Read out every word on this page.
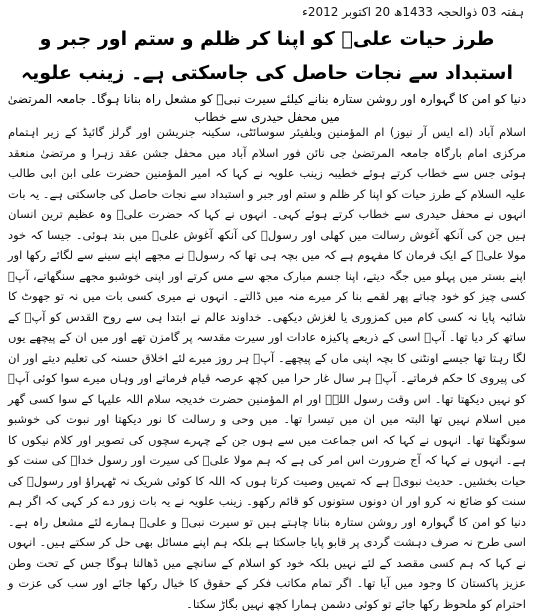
ہفتہ 03 ذوالحجہ 1433ھ 20 اکتوبر 2012ء
طرز حیات علیؑ کو اپنا کر ظلم و ستم اور جبر و استبداد سے نجات حاصل کی جاسکتی ہے۔ زینب علویہ
دنیا کو امن کا گہوارہ اور روشن ستارہ بنانے کیلئے سیرت نبیؐ کو مشعل راہ بنانا ہوگا۔ جامعہ المرتضیٰ میں محفل حیدری سے خطاب

اسلام آباد (اے ایس آر نیوز) ام المؤمنین ویلفیئر سوسائٹی، سکینہ جنریشن اور گرلز گائیڈ کے زیر اہتمام مرکزی امام بارگاہ جامعہ المرتضیٰ جی نائن فور اسلام آباد میں محفل جشن عقد زہرا و مرتضیٰ منعقد ہوئی جس سے خطاب کرتے ہوئے خطیبہ زینب علویہ نے کہا کہ امیر المؤمنین حضرت علی ابن ابی طالب علیہ السلام کے طرز حیات کو اپنا کر ظلم و ستم اور جبر و استبداد سے نجات حاصل کی جاسکتی ہے۔ یہ بات انہوں نے محفل حیدری سے خطاب کرتے ہوئے کہی۔ انہوں نے کہا کہ حضرت علیؑ وہ عظیم ترین انسان ہیں جن کی آنکھ آغوش رسالت میں کھلی اور رسولؐ کی آنکھ آغوش علیؑ میں بند ہوئی۔ جیسا کہ خود مولا علیؑ کے ایک فرمان کا مفہوم ہے کہ میں بچہ ہی تھا کہ رسولؐ نے مجھے اپنے سینے سے لگائے رکھا اور اپنے بستر میں پہلو میں جگہ دیتے، اپنا جسم مبارک مجھ سے مس کرتے اور اپنی خوشبو مجھے سنگھاتے، آپؐ کسی چیز کو خود چباتے پھر لقمے بنا کر میرے منہ میں ڈالتے۔ انہوں نے میری کسی بات میں نہ تو جھوٹ کا شائبہ پایا نہ کسی کام میں کمزوری یا لغزش دیکھی۔ خداوند عالم نے ابتدا ہی سے روح القدس کو آپؐ کے ساتھ کر دیا تھا۔ آپؐ اسی کے ذریعے پاکیزہ عادات اور سیرت مقدسہ پر گامزن تھے اور میں ان کے پیچھے یوں لگا رہتا تھا جیسے اونٹنی کا بچہ اپنی ماں کے پیچھے۔ آپؐ ہر روز میرے لئے اخلاق حسنہ کی تعلیم دیتے اور ان کی پیروی کا حکم فرماتے۔ آپؐ ہر سال غار حرا میں کچھ عرصہ قیام فرماتے اور وہاں میرے سوا کوئی آپؐ کو نہیں دیکھتا تھا۔ اس وقت رسول اللہؐ اور ام المؤمنین حضرت خدیجہ سلام اللہ علیہا کے سوا کسی گھر میں اسلام نہیں تھا البتہ میں ان میں تیسرا تھا۔ میں وحی و رسالت کا نور دیکھتا اور نبوت کی خوشبو سونگھتا تھا۔ انہوں نے کہا کہ اس جماعت میں سے ہوں جن کے چہرے سچوں کی تصویر اور کلام نیکوں کا ہے۔ انہوں نے کہا کہ آج ضرورت اس امر کی ہے کہ ہم مولا علیؑ کی سیرت اور رسول خداؐ کی سنت کو حیات بخشیں۔ حدیث نبویؐ ہے کہ تمہیں وصیت کرتا ہوں کہ اللہ کا کوئی شریک نہ ٹھہراؤ اور رسولؐ کی سنت کو ضائع نہ کرو اور ان دونوں ستونوں کو قائم رکھو۔ زینب علویہ نے یہ بات زور دے کر کہی کہ اگر ہم دنیا کو امن کا گہوارہ اور روشن ستارہ بنانا چاہتے ہیں تو سیرت نبیؐ و علیؑ ہمارے لئے مشعل راہ ہے۔ اسی طرح نہ صرف دہشت گردی پر قابو پایا جاسکتا ہے بلکہ ہم اپنے مسائل بھی حل کر سکتے ہیں۔ انہوں نے کہا کہ ہم کسی مقصد کے لئے نہیں بلکہ خود کو اسلام کے سانچے میں ڈھالنا ہوگا جس کے تحت وطن عزیز پاکستان کا وجود میں آیا تھا۔ اگر تمام مکاتب فکر کے حقوق کا خیال رکھا جائے اور سب کی عزت و احترام کو ملحوظ رکھا جائے تو کوئی دشمن ہمارا کچھ نہیں بگاڑ سکتا۔
